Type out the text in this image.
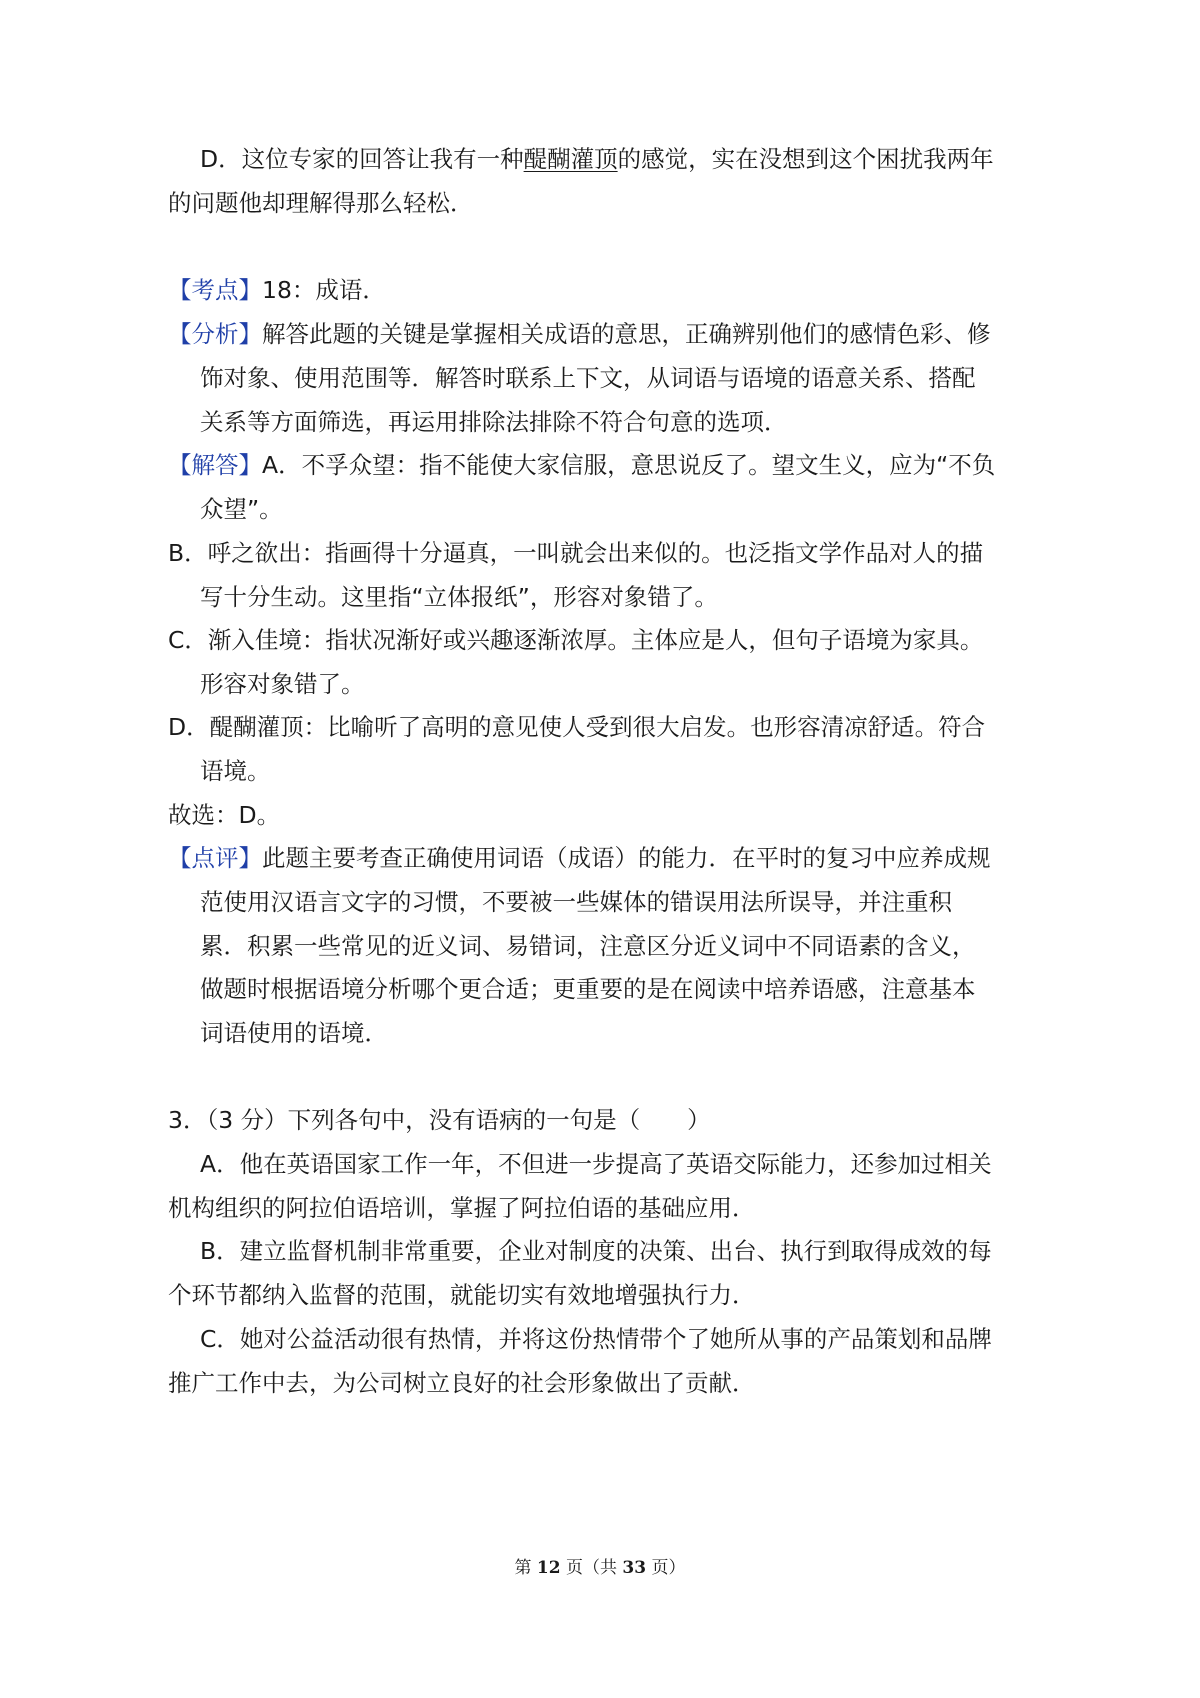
D．这位专家的回答让我有一种醍醐灌顶的感觉，实在没想到这个困扰我两年
的问题他却理解得那么轻松．
【考点】18：成语．
【分析】解答此题的关键是掌握相关成语的意思，正确辨别他们的感情色彩、修
饰对象、使用范围等．解答时联系上下文，从词语与语境的语意关系、搭配
关系等方面筛选，再运用排除法排除不符合句意的选项．
【解答】A．不孚众望：指不能使大家信服，意思说反了。望文生义，应为“不负
众望”。
B．呼之欲出：指画得十分逼真，一叫就会出来似的。也泛指文学作品对人的描
写十分生动。这里指“立体报纸”，形容对象错了。
C．渐入佳境：指状况渐好或兴趣逐渐浓厚。主体应是人，但句子语境为家具。
形容对象错了。
D．醍醐灌顶：比喻听了高明的意见使人受到很大启发。也形容清凉舒适。符合
语境。
故选：D。
【点评】此题主要考查正确使用词语（成语）的能力．在平时的复习中应养成规
范使用汉语言文字的习惯，不要被一些媒体的错误用法所误导，并注重积
累．积累一些常见的近义词、易错词，注意区分近义词中不同语素的含义，
做题时根据语境分析哪个更合适；更重要的是在阅读中培养语感，注意基本
词语使用的语境．
3．（3 分）下列各句中，没有语病的一句是（　　）
A．他在英语国家工作一年，不但进一步提高了英语交际能力，还参加过相关
机构组织的阿拉伯语培训，掌握了阿拉伯语的基础应用．
B．建立监督机制非常重要，企业对制度的决策、出台、执行到取得成效的每
个环节都纳入监督的范围，就能切实有效地增强执行力．
C．她对公益活动很有热情，并将这份热情带个了她所从事的产品策划和品牌
推广工作中去，为公司树立良好的社会形象做出了贡献．
第 12 页（共 33 页）
